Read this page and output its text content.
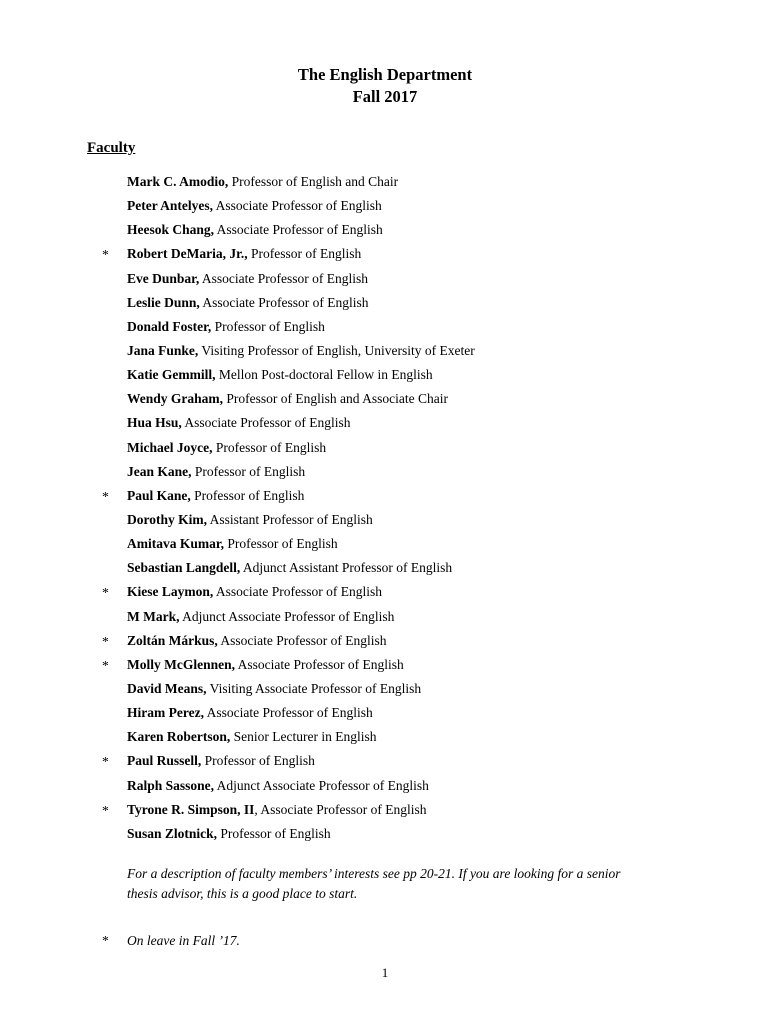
The English Department
Fall 2017
Faculty
Mark C. Amodio, Professor of English and Chair
Peter Antelyes, Associate Professor of English
Heesok Chang, Associate Professor of English
* Robert DeMaria, Jr., Professor of English
Eve Dunbar, Associate Professor of English
Leslie Dunn, Associate Professor of English
Donald Foster, Professor of English
Jana Funke, Visiting Professor of English, University of Exeter
Katie Gemmill, Mellon Post-doctoral Fellow in English
Wendy Graham, Professor of English and Associate Chair
Hua Hsu, Associate Professor of English
Michael Joyce, Professor of English
Jean Kane, Professor of English
* Paul Kane, Professor of English
Dorothy Kim, Assistant Professor of English
Amitava Kumar, Professor of English
Sebastian Langdell, Adjunct Assistant Professor of English
* Kiese Laymon, Associate Professor of English
M Mark, Adjunct Associate Professor of English
* Zoltán Márkus, Associate Professor of English
* Molly McGlennen, Associate Professor of English
David Means, Visiting Associate Professor of English
Hiram Perez, Associate Professor of English
Karen Robertson, Senior Lecturer in English
* Paul Russell, Professor of English
Ralph Sassone, Adjunct Associate Professor of English
* Tyrone R. Simpson, II, Associate Professor of English
Susan Zlotnick, Professor of English
For a description of faculty members’ interests see pp 20-21. If you are looking for a senior thesis advisor, this is a good place to start.
* On leave in Fall ’17.
1
